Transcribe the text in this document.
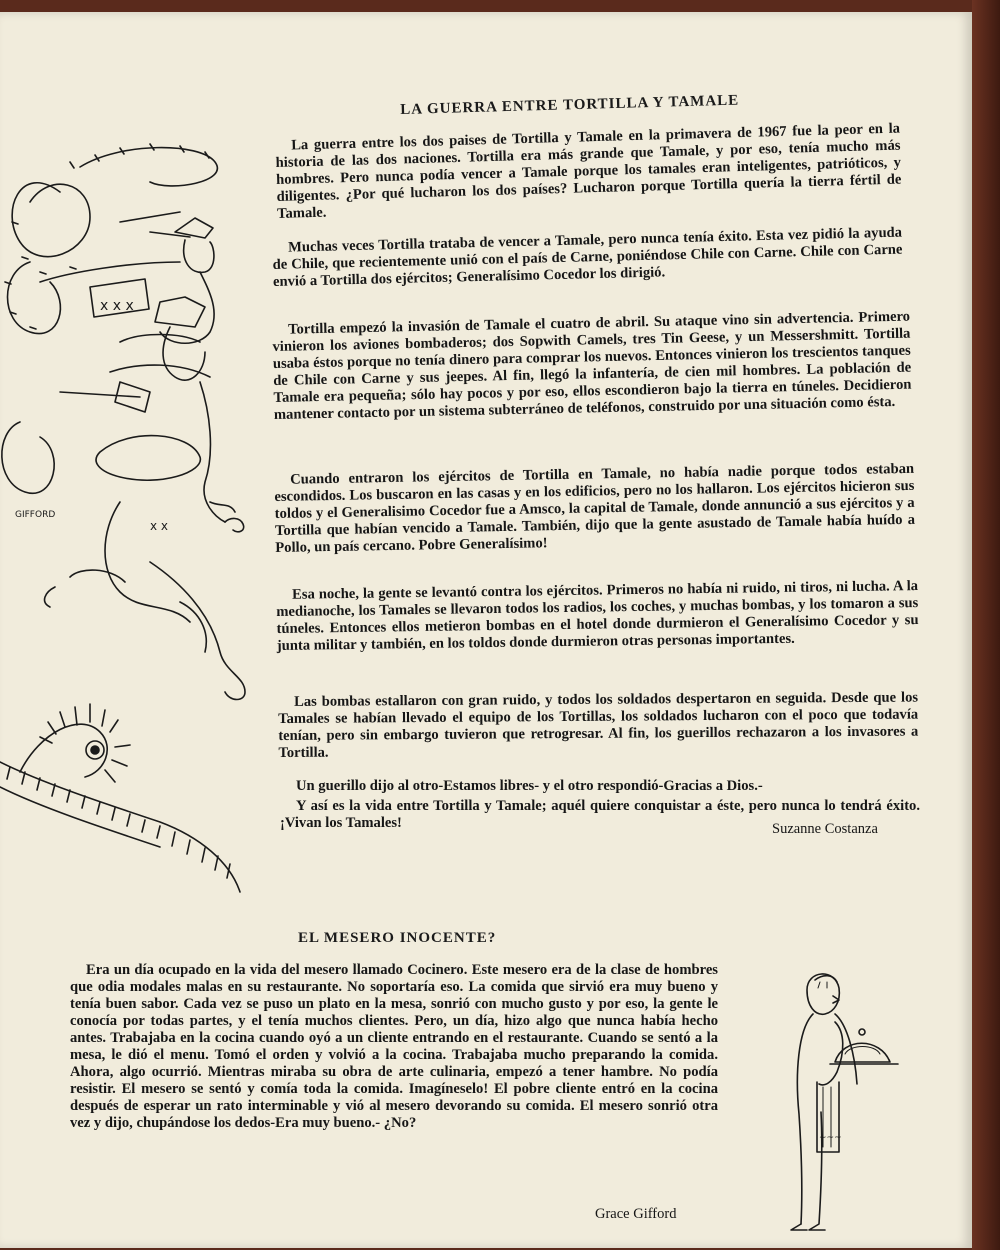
x x x
x x
GIFFORD
~~~
LA GUERRA ENTRE TORTILLA Y TAMALE

La guerra entre los dos paises de Tortilla y Tamale en la primavera de 1967 fue la peor en la historia de las dos naciones. Tortilla era más grande que Tamale, y por eso, tenía mucho más hombres. Pero nunca podía vencer a Tamale porque los tamales eran inteligentes, patrióticos, y diligentes. ¿Por qué lucharon los dos países? Lucharon porque Tortilla quería la tierra fértil de Tamale.

Muchas veces Tortilla trataba de vencer a Tamale, pero nunca tenía éxito. Esta vez pidió la ayuda de Chile, que recientemente unió con el país de Carne, poniéndose Chile con Carne. Chile con Carne envió a Tortilla dos ejércitos; Generalísimo Cocedor los dirigió.

Tortilla empezó la invasión de Tamale el cuatro de abril. Su ataque vino sin advertencia. Primero vinieron los aviones bombaderos; dos Sopwith Camels, tres Tin Geese, y un Messershmitt. Tortilla usaba éstos porque no tenía dinero para comprar los nuevos. Entonces vinieron los trescientos tanques de Chile con Carne y sus jeepes. Al fin, llegó la infantería, de cien mil hombres. La población de Tamale era pequeña; sólo hay pocos y por eso, ellos escondieron bajo la tierra en túneles. Decidieron mantener contacto por un sistema subterráneo de teléfonos, construido por una situación como ésta.

Cuando entraron los ejércitos de Tortilla en Tamale, no había nadie porque todos estaban escondidos. Los buscaron en las casas y en los edificios, pero no los hallaron. Los ejércitos hicieron sus toldos y el Generalisimo Cocedor fue a Amsco, la capital de Tamale, donde annunció a sus ejércitos y a Tortilla que habían vencido a Tamale. También, dijo que la gente asustado de Tamale había huído a Pollo, un país cercano. Pobre Generalísimo!

Esa noche, la gente se levantó contra los ejércitos. Primeros no había ni ruido, ni tiros, ni lucha. A la medianoche, los Tamales se llevaron todos los radios, los coches, y muchas bombas, y los tomaron a sus túneles. Entonces ellos metieron bombas en el hotel donde durmieron el Generalísimo Cocedor y su junta militar y también, en los toldos donde durmieron otras personas importantes.

Las bombas estallaron con gran ruido, y todos los soldados despertaron en seguida. Desde que los Tamales se habían llevado el equipo de los Tortillas, los soldados lucharon con el poco que todavía tenían, pero sin embargo tuvieron que retrogresar. Al fin, los guerillos rechazaron a los invasores a Tortilla.

Un guerillo dijo al otro-Estamos libres- y el otro respondió-Gracias a Dios.-

Y así es la vida entre Tortilla y Tamale; aquél quiere conquistar a éste, pero nunca lo tendrá éxito. ¡Vivan los Tamales!	Suzanne Costanza

EL MESERO INOCENTE?

Era un día ocupado en la vida del mesero llamado Cocinero. Este mesero era de la clase de hombres que odia modales malas en su restaurante. No soportaría eso. La comida que sirvió era muy bueno y tenía buen sabor. Cada vez se puso un plato en la mesa, sonrió con mucho gusto y por eso, la gente le conocía por todas partes, y el tenía muchos clientes. Pero, un día, hizo algo que nunca había hecho antes. Trabajaba en la cocina cuando oyó a un cliente entrando en el restaurante. Cuando se sentó a la mesa, le dió el menu. Tomó el orden y volvió a la cocina. Trabajaba mucho preparando la comida. Ahora, algo ocurrió. Mientras miraba su obra de arte culinaria, empezó a tener hambre. No podía resistir. El mesero se sentó y comía toda la comida. Imagíneselo! El pobre cliente entró en la cocina después de esperar un rato interminable y vió al mesero devorando su comida. El mesero sonrió otra vez y dijo, chupándose los dedos-Era muy bueno.- ¿No?

Grace Gifford
